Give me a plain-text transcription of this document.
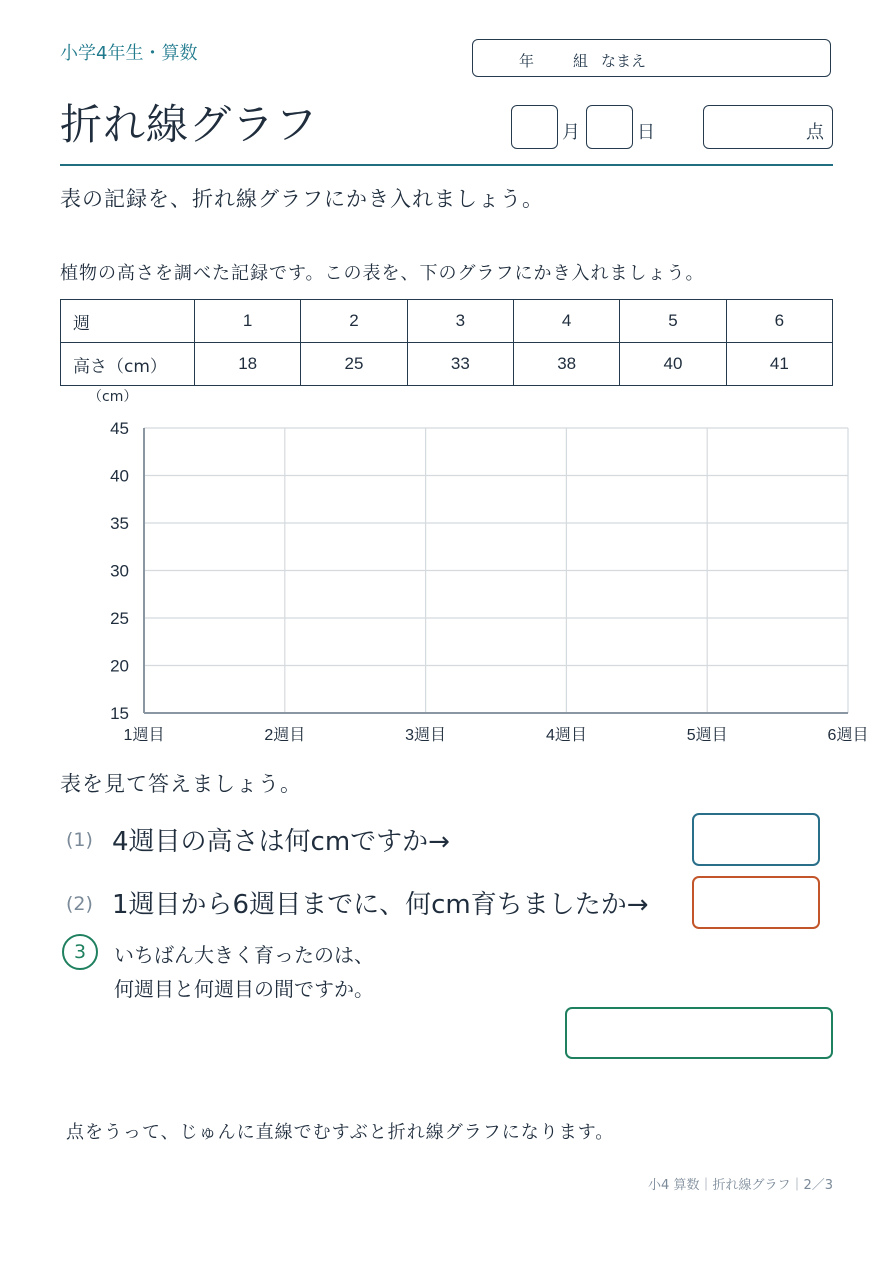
小学4年生・算数	年	組 なまえ
折れ線グラフ	月	日	点
表の記録を、折れ線グラフにかき入れましょう。
植物の高さを調べた記録です。この表を、下のグラフにかき入れましょう。
週	1	2	3	4	5	6
高さ（cm）	18	25	33	38	40	41
（cm）
15
20
25
30
35
40
45
1週目	2週目	3週目	4週目	5週目	6週目
表を見て答えましょう。
(1) 4週目の高さは何cmですか→
(2) 1週目から6週目までに、何cm育ちましたか→
3	いちばん大きく育ったのは、
何週目と何週目の間ですか。
点をうって、じゅんに直線でむすぶと折れ線グラフになります。
小4 算数｜折れ線グラフ｜2／3
